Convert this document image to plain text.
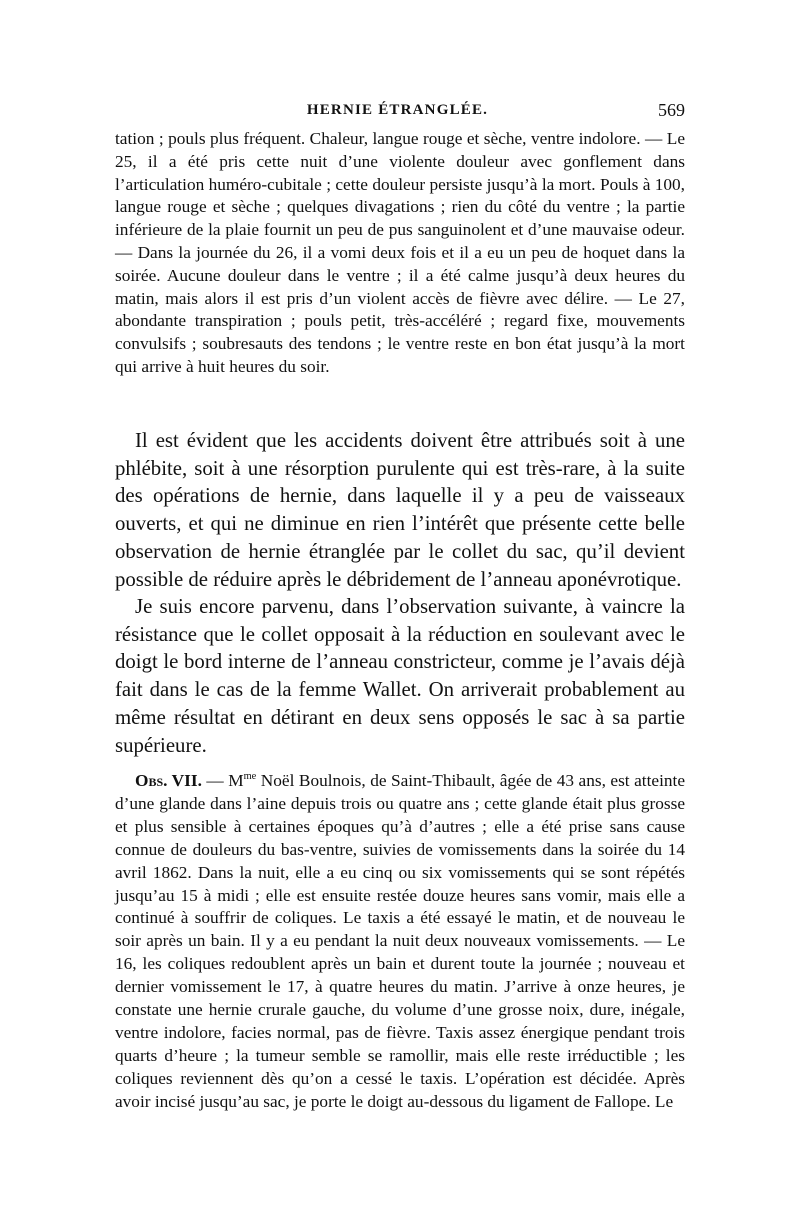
HERNIE ÉTRANGLÉE.	569

tation ; pouls plus fréquent. Chaleur, langue rouge et sèche, ventre indolore. — Le 25, il a été pris cette nuit d’une violente douleur avec gonflement dans l’articulation huméro-cubitale ; cette douleur persiste jusqu’à la mort. Pouls à 100, langue rouge et sèche ; quelques divagations ; rien du côté du ventre ; la partie inférieure de la plaie fournit un peu de pus sanguinolent et d’une mauvaise odeur. — Dans la journée du 26, il a vomi deux fois et il a eu un peu de hoquet dans la soirée. Aucune douleur dans le ventre ; il a été calme jusqu’à deux heures du matin, mais alors il est pris d’un violent accès de fièvre avec délire. — Le 27, abondante transpiration ; pouls petit, très-accéléré ; regard fixe, mouvements convulsifs ; soubresauts des tendons ; le ventre reste en bon état jusqu’à la mort qui arrive à huit heures du soir.

Il est évident que les accidents doivent être attribués soit à une phlébite, soit à une résorption purulente qui est très-rare, à la suite des opérations de hernie, dans laquelle il y a peu de vaisseaux ouverts, et qui ne diminue en rien l’intérêt que présente cette belle observation de hernie étranglée par le collet du sac, qu’il devient possible de réduire après le débridement de l’anneau aponévrotique.

Je suis encore parvenu, dans l’observation suivante, à vaincre la résistance que le collet opposait à la réduction en soulevant avec le doigt le bord interne de l’anneau constricteur, comme je l’avais déjà fait dans le cas de la femme Wallet. On arriverait probablement au même résultat en détirant en deux sens opposés le sac à sa partie supérieure.

Obs. VII. — $M^{me}$ Noël Boulnois, de Saint-Thibault, âgée de 43 ans, est atteinte d’une glande dans l’aine depuis trois ou quatre ans ; cette glande était plus grosse et plus sensible à certaines époques qu’à d’autres ; elle a été prise sans cause connue de douleurs du bas-ventre, suivies de vomissements dans la soirée du 14 avril 1862. Dans la nuit, elle a eu cinq ou six vomissements qui se sont répétés jusqu’au 15 à midi ; elle est ensuite restée douze heures sans vomir, mais elle a continué à souffrir de coliques. Le taxis a été essayé le matin, et de nouveau le soir après un bain. Il y a eu pendant la nuit deux nouveaux vomissements. — Le 16, les coliques redoublent après un bain et durent toute la journée ; nouveau et dernier vomissement le 17, à quatre heures du matin. J’arrive à onze heures, je constate une hernie crurale gauche, du volume d’une grosse noix, dure, inégale, ventre indolore, facies normal, pas de fièvre. Taxis assez énergique pendant trois quarts d’heure ; la tumeur semble se ramollir, mais elle reste irréductible ; les coliques reviennent dès qu’on a cessé le taxis. L’opération est décidée. Après avoir incisé jusqu’au sac, je porte le doigt au-dessous du ligament de Fallope. Le
